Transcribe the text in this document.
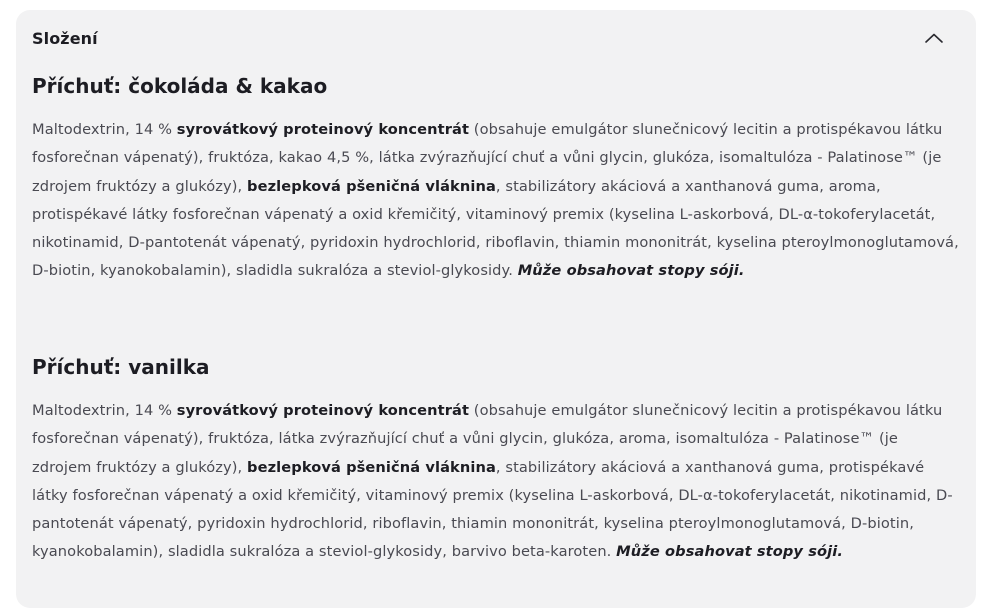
Složení
Příchuť: čokoláda & kakao

Maltodextrin, 14 % syrovátkový proteinový koncentrát (obsahuje emulgátor slunečnicový lecitin a protispékavou látku fosforečnan vápenatý), fruktóza, kakao 4,5 %, látka zvýrazňující chuť a vůni glycin, glukóza, isomaltulóza - Palatinose™ (je zdrojem fruktózy a glukózy), bezlepková pšeničná vláknina, stabilizátory akáciová a xanthanová guma, aroma, protispékavé látky fosforečnan vápenatý a oxid křemičitý, vitaminový premix (kyselina L-askorbová, DL-α-tokoferylacetát, nikotinamid, D-pantotenát vápenatý, pyridoxin hydrochlorid, riboflavin, thiamin mononitrát, kyselina pteroylmonoglutamová, D-biotin, kyanokobalamin), sladidla sukralóza a steviol-glykosidy. Může obsahovat stopy sóji.

Příchuť: vanilka

Maltodextrin, 14 % syrovátkový proteinový koncentrát (obsahuje emulgátor slunečnicový lecitin a protispékavou látku fosforečnan vápenatý), fruktóza, látka zvýrazňující chuť a vůni glycin, glukóza, aroma, isomaltulóza - Palatinose™ (je zdrojem fruktózy a glukózy), bezlepková pšeničná vláknina, stabilizátory akáciová a xanthanová guma, protispékavé látky fosforečnan vápenatý a oxid křemičitý, vitaminový premix (kyselina L-askorbová, DL-α-tokoferylacetát, nikotinamid, D-pantotenát vápenatý, pyridoxin hydrochlorid, riboflavin, thiamin mononitrát, kyselina pteroylmonoglutamová, D-biotin, kyanokobalamin), sladidla sukralóza a steviol-glykosidy, barvivo beta-karoten. Může obsahovat stopy sóji.
